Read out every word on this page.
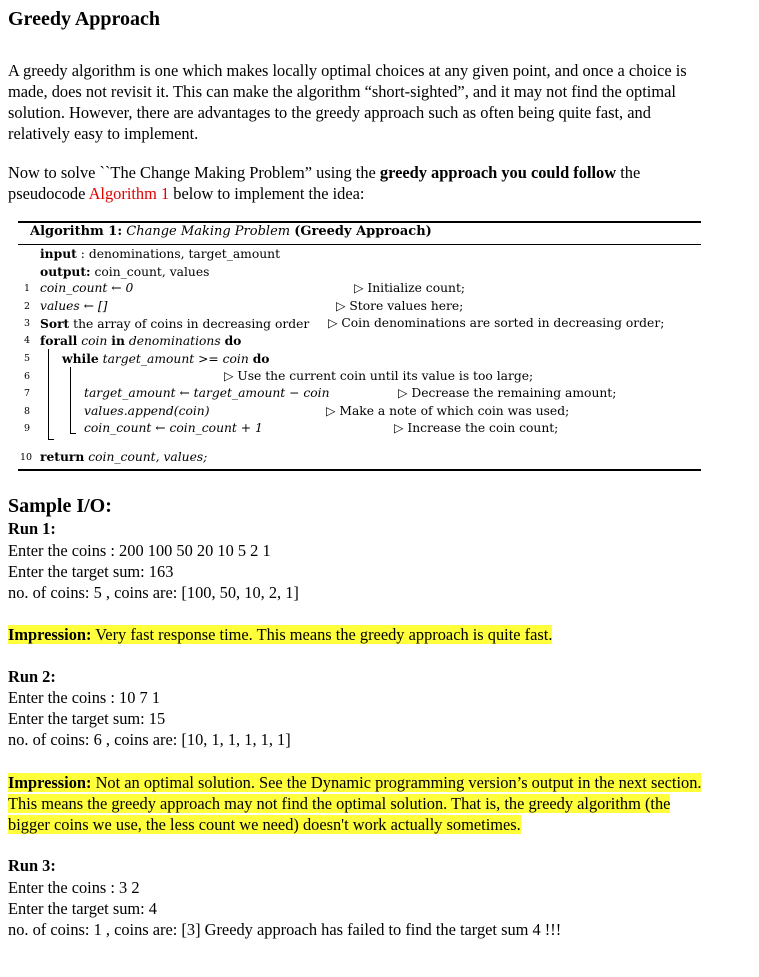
Greedy Approach

A greedy algorithm is one which makes locally optimal choices at any given point, and once a choice is made, does not revisit it. This can make the algorithm “short-sighted”, and it may not find the optimal solution. However, there are advantages to the greedy approach such as often being quite fast, and relatively easy to implement.

Now to solve ``The Change Making Problem” using the greedy approach you could follow the pseudocode Algorithm 1 below to implement the idea:

Algorithm 1: Change Making Problem (Greedy Approach)
input : denominations, target_amount
output: coin_count, values
1 coin_count ← 0	▷ Initialize count;
2 values ← []	▷ Store values here;
3 Sort the array of coins in decreasing order ▷ Coin denominations are sorted in decreasing order;
4 forall coin in denominations do
5	while target_amount >= coin do
6	▷ Use the current coin until its value is too large;
7	target_amount ← target_amount − coin	▷ Decrease the remaining amount;
8	values.append(coin)	▷ Make a note of which coin was used;
9	coin_count ← coin_count + 1	▷ Increase the coin count;
10 return coin_count, values;
Sample I/O:

Run 1:

Enter the coins : 200 100 50 20 10 5 2 1

Enter the target sum: 163

no. of coins: 5 , coins are: [100, 50, 10, 2, 1]

Impression: Very fast response time. This means the greedy approach is quite fast.

Run 2:

Enter the coins : 10 7 1

Enter the target sum: 15

no. of coins: 6 , coins are: [10, 1, 1, 1, 1, 1]

Impression: Not an optimal solution. See the Dynamic programming version’s output in the next section. This means the greedy approach may not find the optimal solution. That is, the greedy algorithm (the bigger coins we use, the less count we need) doesn't work actually sometimes.

Run 3:

Enter the coins : 3 2

Enter the target sum: 4

no. of coins: 1 , coins are: [3] Greedy approach has failed to find the target sum 4 !!!
